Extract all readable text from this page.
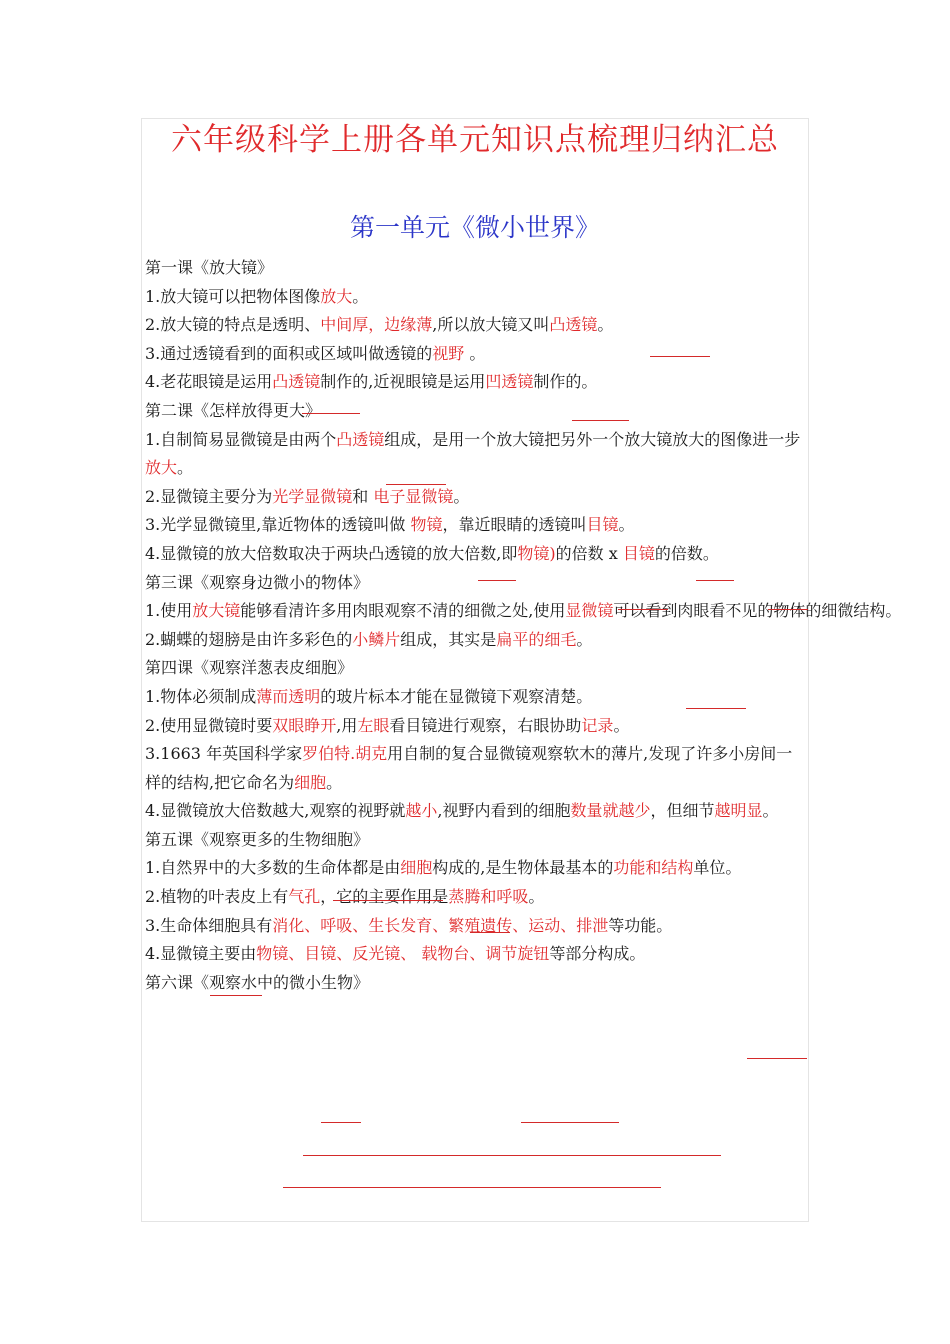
六年级科学上册各单元知识点梳理归纳汇总
第一单元《微小世界》
第一课《放大镜》
1.放大镜可以把物体图像放大。
2.放大镜的特点是透明、中间厚，边缘薄,所以放大镜又叫凸透镜。
3.通过透镜看到的面积或区域叫做透镜的视野 。
4.老花眼镜是运用凸透镜制作的,近视眼镜是运用凹透镜制作的。
第二课《怎样放得更大》
1.自制简易显微镜是由两个凸透镜组成，是用一个放大镜把另外一个放大镜放大的图像进一步放大。
2.显微镜主要分为光学显微镜和 电子显微镜。
3.光学显微镜里,靠近物体的透镜叫做 物镜，靠近眼睛的透镜叫目镜。
4.显微镜的放大倍数取决于两块凸透镜的放大倍数,即物镜)的倍数 x 目镜的倍数。
第三课《观察身边微小的物体》
1.使用放大镜能够看清许多用肉眼观察不清的细微之处,使用显微镜可以看到肉眼看不见的物体的细微结构。
2.蝴蝶的翅膀是由许多彩色的小鳞片组成，其实是扁平的细毛。
第四课《观察洋葱表皮细胞》
1.物体必须制成薄而透明的玻片标本才能在显微镜下观察清楚。
2.使用显微镜时要双眼睁开,用左眼看目镜进行观察，右眼协助记录。
3.1663 年英国科学家罗伯特.胡克用自制的复合显微镜观察软木的薄片,发现了许多小房间一样的结构,把它命名为细胞。
4.显微镜放大倍数越大,观察的视野就越小,视野内看到的细胞数量就越少，但细节越明显。
第五课《观察更多的生物细胞》
1.自然界中的大多数的生命体都是由细胞构成的,是生物体最基本的功能和结构单位。
2.植物的叶表皮上有气孔，它的主要作用是蒸腾和呼吸。
3.生命体细胞具有消化、呼吸、生长发育、繁殖遗传、运动、排泄等功能。
4.显微镜主要由物镜、目镜、反光镜、 载物台、调节旋钮等部分构成。
第六课《观察水中的微小生物》
